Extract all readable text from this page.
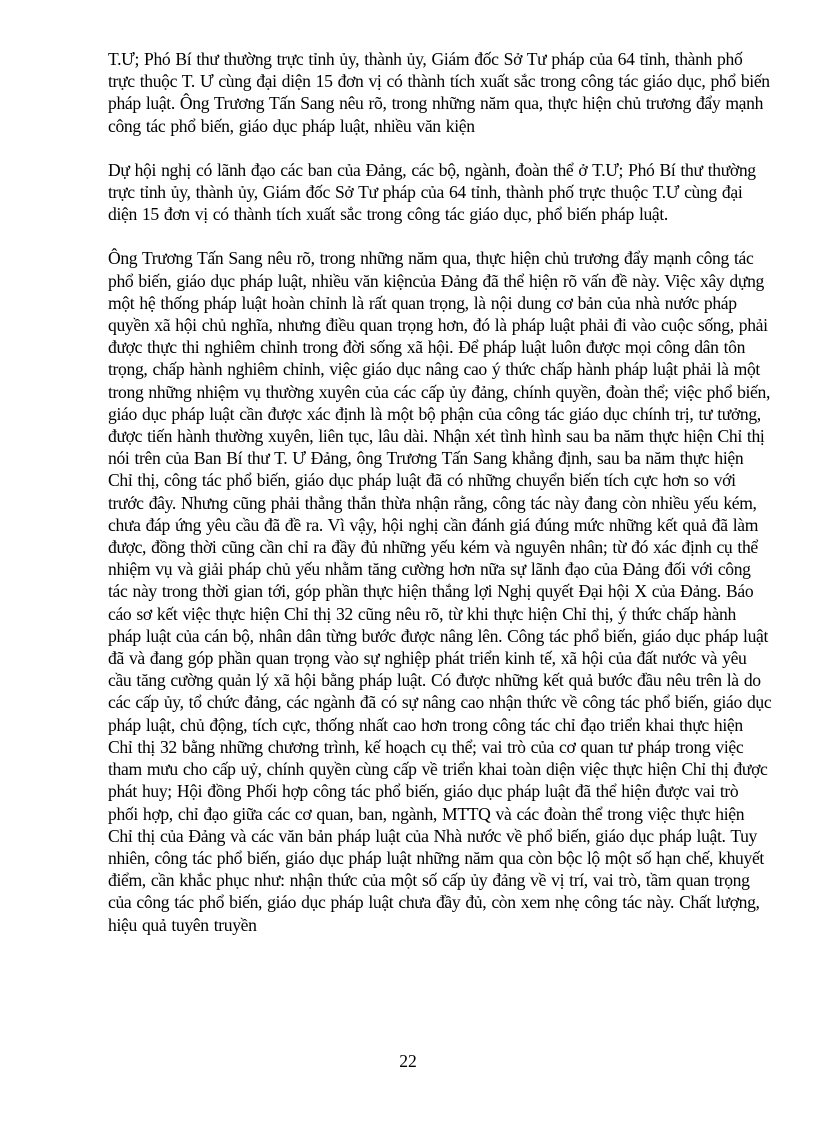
T.Ư; Phó Bí thư thường trực tỉnh ủy, thành ủy, Giám đốc Sở Tư pháp của 64 tỉnh, thành phố trực thuộc T. Ư cùng đại diện 15 đơn vị có thành tích xuất sắc trong công tác giáo dục, phổ biến pháp luật. Ông Trương Tấn Sang nêu rõ, trong những năm qua, thực hiện chủ trương đẩy mạnh công tác phổ biến, giáo dục pháp luật, nhiều văn kiện

Dự hội nghị có lãnh đạo các ban của Đảng, các bộ, ngành, đoàn thể ở T.Ư; Phó Bí thư thường trực tỉnh ủy, thành ủy, Giám đốc Sở Tư pháp của 64 tỉnh, thành phố trực thuộc T.Ư cùng đại diện 15 đơn vị có thành tích xuất sắc trong công tác giáo dục, phổ biến pháp luật.

Ông Trương Tấn Sang nêu rõ, trong những năm qua, thực hiện chủ trương đẩy mạnh công tác phổ biến, giáo dục pháp luật, nhiều văn kiệncủa Đảng đã thể hiện rõ vấn đề này. Việc xây dựng một hệ thống pháp luật hoàn chỉnh là rất quan trọng, là nội dung cơ bản của nhà nước pháp quyền xã hội chủ nghĩa, nhưng điều quan trọng hơn, đó là pháp luật phải đi vào cuộc sống, phải được thực thi nghiêm chỉnh trong đời sống xã hội. Để pháp luật luôn được mọi công dân tôn trọng, chấp hành nghiêm chỉnh, việc giáo dục nâng cao ý thức chấp hành pháp luật phải là một trong những nhiệm vụ thường xuyên của các cấp ủy đảng, chính quyền, đoàn thể; việc phổ biến, giáo dục pháp luật cần được xác định là một bộ phận của công tác giáo dục chính trị, tư tưởng, được tiến hành thường xuyên, liên tục, lâu dài. Nhận xét tình hình sau ba năm thực hiện Chỉ thị nói trên của Ban Bí thư T. Ư Đảng, ông Trương Tấn Sang khẳng định, sau ba năm thực hiện Chỉ thị, công tác phổ biến, giáo dục pháp luật đã có những chuyển biến tích cực hơn so với trước đây. Nhưng cũng phải thẳng thắn thừa nhận rằng, công tác này đang còn nhiều yếu kém, chưa đáp ứng yêu cầu đã đề ra. Vì vậy, hội nghị cần đánh giá đúng mức những kết quả đã làm được, đồng thời cũng cần chỉ ra đầy đủ những yếu kém và nguyên nhân; từ đó xác định cụ thể nhiệm vụ và giải pháp chủ yếu nhằm tăng cường hơn nữa sự lãnh đạo của Đảng đối với công tác này trong thời gian tới, góp phần thực hiện thắng lợi Nghị quyết Đại hội X của Đảng. Báo cáo sơ kết việc thực hiện Chỉ thị 32 cũng nêu rõ, từ khi thực hiện Chỉ thị, ý thức chấp hành pháp luật của cán bộ, nhân dân từng bước được nâng lên. Công tác phổ biến, giáo dục pháp luật đã và đang góp phần quan trọng vào sự nghiệp phát triển kinh tế, xã hội của đất nước và yêu cầu tăng cường quản lý xã hội bằng pháp luật. Có được những kết quả bước đầu nêu trên là do các cấp ủy, tổ chức đảng, các ngành đã có sự nâng cao nhận thức về công tác phổ biến, giáo dục pháp luật, chủ động, tích cực, thống nhất cao hơn trong công tác chỉ đạo triển khai thực hiện Chỉ thị 32 bằng những chương trình, kế hoạch cụ thể; vai trò của cơ quan tư pháp trong việc tham mưu cho cấp uỷ, chính quyền cùng cấp về triển khai toàn diện việc thực hiện Chỉ thị được phát huy; Hội đồng Phối hợp công tác phổ biến, giáo dục pháp luật đã thể hiện được vai trò phối hợp, chỉ đạo giữa các cơ quan, ban, ngành, MTTQ và các đoàn thể trong việc thực hiện Chỉ thị của Đảng và các văn bản pháp luật của Nhà nước về phổ biến, giáo dục pháp luật. Tuy nhiên, công tác phổ biến, giáo dục pháp luật những năm qua còn bộc lộ một số hạn chế, khuyết điểm, cần khắc phục như: nhận thức của một số cấp ủy đảng về vị trí, vai trò, tầm quan trọng của công tác phổ biến, giáo dục pháp luật chưa đầy đủ, còn xem nhẹ công tác này. Chất lượng, hiệu quả tuyên truyền

22
